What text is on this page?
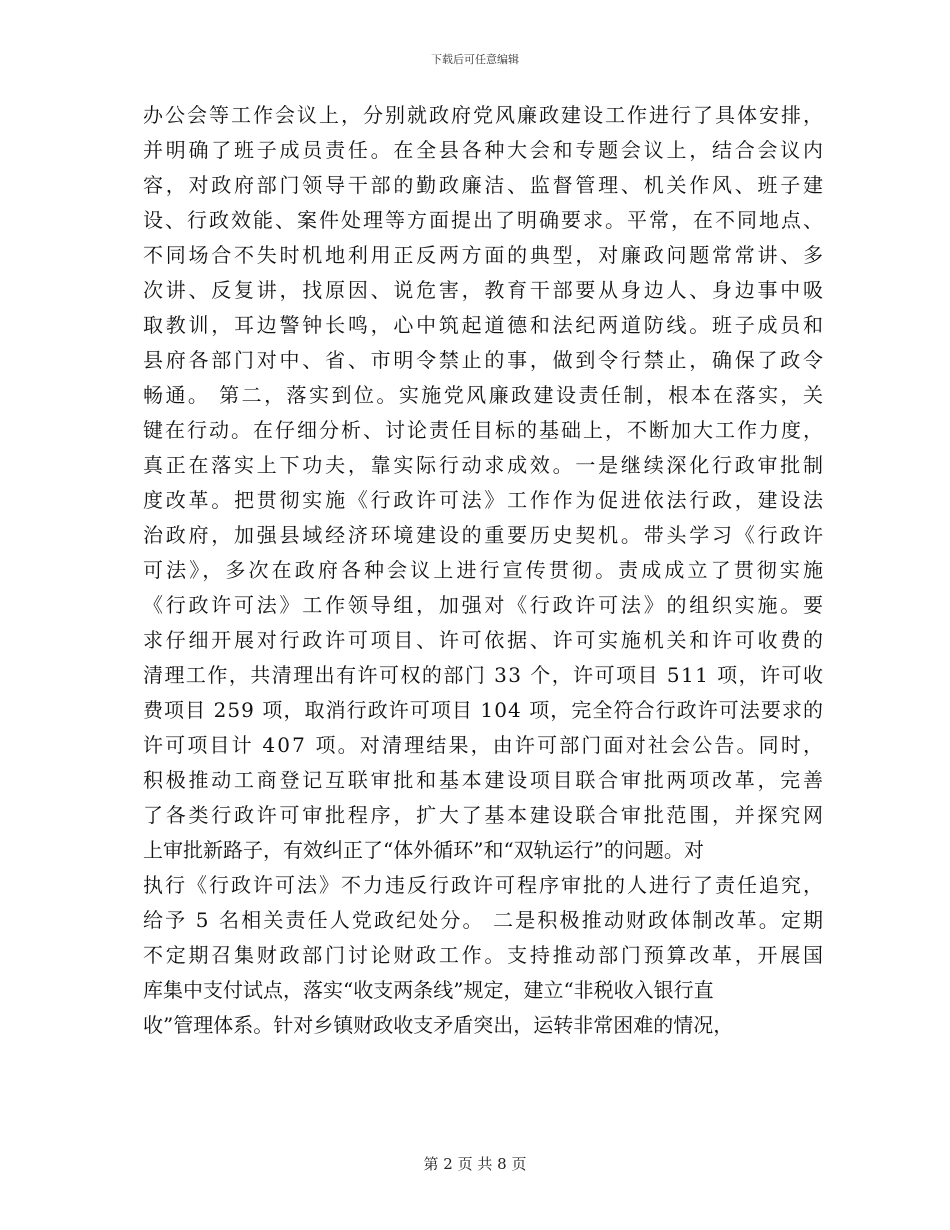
下载后可任意编辑
办公会等工作会议上，分别就政府党风廉政建设工作进行了具体安排，
并明确了班子成员责任。在全县各种大会和专题会议上，结合会议内
容，对政府部门领导干部的勤政廉洁、监督管理、机关作风、班子建
设、行政效能、案件处理等方面提出了明确要求。平常，在不同地点、
不同场合不失时机地利用正反两方面的典型，对廉政问题常常讲、多
次讲、反复讲，找原因、说危害，教育干部要从身边人、身边事中吸
取教训，耳边警钟长鸣，心中筑起道德和法纪两道防线。班子成员和
县府各部门对中、省、市明令禁止的事，做到令行禁止，确保了政令
畅通。 第二，落实到位。实施党风廉政建设责任制，根本在落实，关
键在行动。在仔细分析、讨论责任目标的基础上，不断加大工作力度，
真正在落实上下功夫，靠实际行动求成效。一是继续深化行政审批制
度改革。把贯彻实施《行政许可法》工作作为促进依法行政，建设法
治政府，加强县域经济环境建设的重要历史契机。带头学习《行政许
可法》，多次在政府各种会议上进行宣传贯彻。责成成立了贯彻实施
《行政许可法》工作领导组，加强对《行政许可法》的组织实施。要
求仔细开展对行政许可项目、许可依据、许可实施机关和许可收费的
清理工作，共清理出有许可权的部门 33 个，许可项目 511 项，许可收
费项目 259 项，取消行政许可项目 104 项，完全符合行政许可法要求的
许可项目计 407 项。对清理结果，由许可部门面对社会公告。同时，
积极推动工商登记互联审批和基本建设项目联合审批两项改革，完善
了各类行政许可审批程序，扩大了基本建设联合审批范围，并探究网
上审批新路子，有效纠正了“体外循环”和“双轨运行”的问题。对
执行《行政许可法》不力违反行政许可程序审批的人进行了责任追究，
给予 5 名相关责任人党政纪处分。 二是积极推动财政体制改革。定期
不定期召集财政部门讨论财政工作。支持推动部门预算改革，开展国
库集中支付试点，落实“收支两条线”规定，建立“非税收入银行直
收”管理体系。针对乡镇财政收支矛盾突出，运转非常困难的情况，
第 2 页 共 8 页
